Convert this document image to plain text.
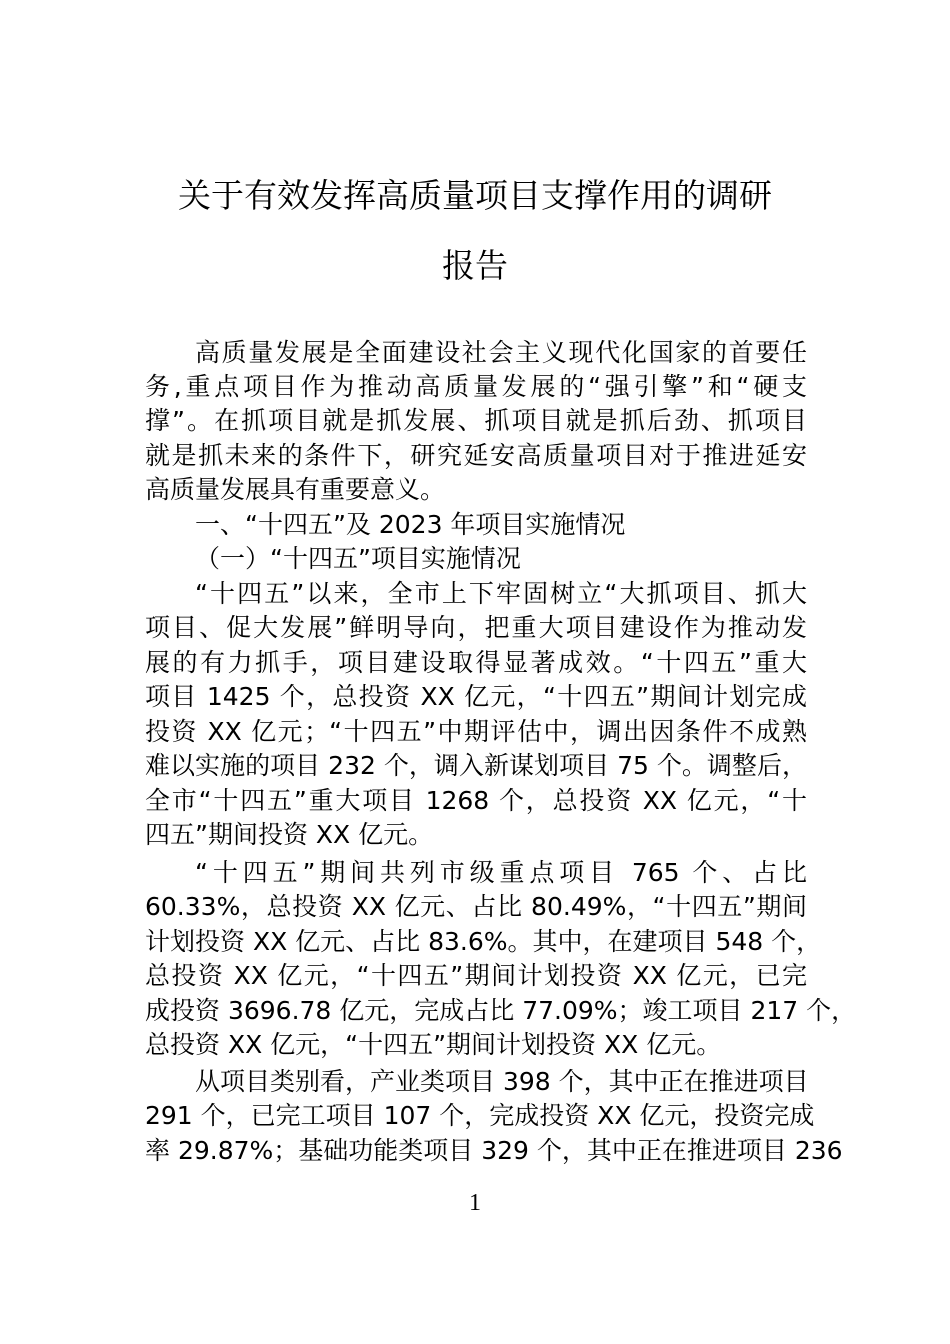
关于有效发挥高质量项目支撑作用的调研
报告
高质量发展是全面建设社会主义现代化国家的首要任
务,重点项目作为推动高质量发展的“强引擎”和“硬支
撑”。在抓项目就是抓发展、抓项目就是抓后劲、抓项目
就是抓未来的条件下，研究延安高质量项目对于推进延安
高质量发展具有重要意义。
一、“十四五”及 2023 年项目实施情况
（一）“十四五”项目实施情况
“十四五”以来，全市上下牢固树立“大抓项目、抓大
项目、促大发展”鲜明导向，把重大项目建设作为推动发
展的有力抓手，项目建设取得显著成效。“十四五”重大
项目 1425 个，总投资 XX 亿元，“十四五”期间计划完成
投资 XX 亿元；“十四五”中期评估中，调出因条件不成熟
难以实施的项目 232 个，调入新谋划项目 75 个。调整后，
全市“十四五”重大项目 1268 个，总投资 XX 亿元，“十
四五”期间投资 XX 亿元。
“十四五”期间共列市级重点项目 765 个、占比
60.33%，总投资 XX 亿元、占比 80.49%，“十四五”期间
计划投资 XX 亿元、占比 83.6%。其中，在建项目 548 个，
总投资 XX 亿元，“十四五”期间计划投资 XX 亿元，已完
成投资 3696.78 亿元，完成占比 77.09%；竣工项目 217 个，
总投资 XX 亿元，“十四五”期间计划投资 XX 亿元。
从项目类别看，产业类项目 398 个，其中正在推进项目
291 个，已完工项目 107 个，完成投资 XX 亿元，投资完成
率 29.87%；基础功能类项目 329 个，其中正在推进项目 236
1
